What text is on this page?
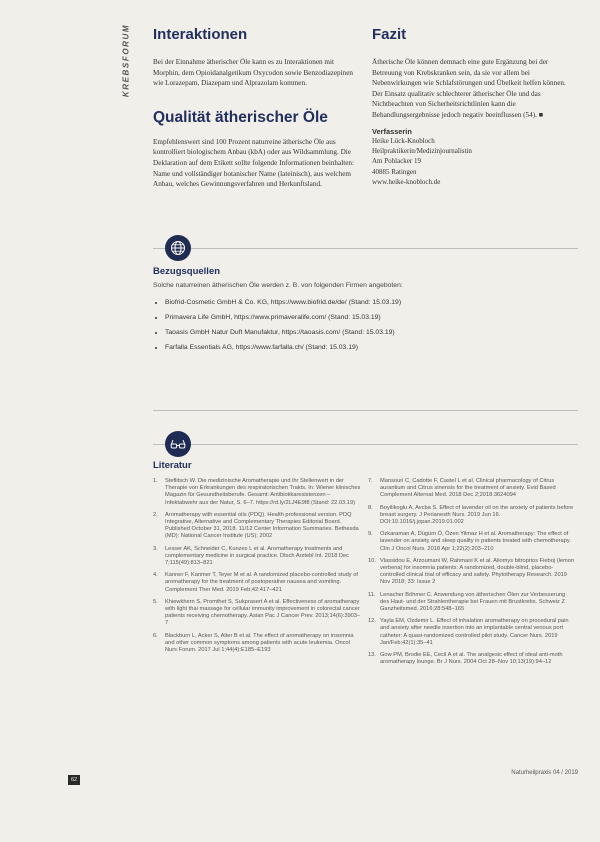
KREBSFORUM Interaktionen

Bei der Einnahme ätherischer Öle kann es zu Interaktionen mit Morphin, dem Opioidanalgetikum Oxycodon sowie Benzodiazepinen wie Lorazepam, Diazepam und Alprazolam kommen.

Qualität ätherischer Öle

Empfehlenswert sind 100 Prozent naturreine ätherische Öle aus kontrolliert biologischem Anbau (kbA) oder aus Wildsammlung. Die Deklaration auf dem Etikett sollte folgende Informationen beinhalten: Name und vollständiger botanischer Name (lateinisch), aus welchem Anbau, welches Gewinnungsverfahren und Herkunftsland.

Fazit

Ätherische Öle können demnach eine gute Ergänzung bei der Betreuung von Krebskranken sein, da sie vor allem bei Nebenwirkungen wie Schlafstörungen und Übelkeit helfen können. Der Einsatz qualitativ schlechterer ätherischer Öle und das Nichtbeachten von Sicherheitsrichtlinien kann die Behandlungsergebnisse jedoch negativ beeinflussen (54). ■

Verfasserin
Heike Lück-Knobloch
Heilpraktikerin/Medizinjournalistin
Am Pohlacker 19
40885 Ratingen
www.heike-knobloch.de
Bezugsquellen

Solche naturreinen ätherischen Öle werden z. B. von folgenden Firmen angeboten:

• Biofrid-Cosmetic GmbH & Co. KG, https://www.biofrid.de/de/ (Stand: 15.03.19)
• Primavera Life GmbH, https://www.primaveralife.com/ (Stand: 15.03.19)
• Taoasis GmbH Natur Duft Manufaktur, https://taoasis.com/ (Stand: 15.03.19)
• Farfalla Essentials AG, https://www.farfalla.ch/ (Stand: 15.03.19)
Literatur
1.	Steflitsch W. Die medizinische Aromatherapie und ihr Stellenwert in der Therapie von Erkrankungen des respiratorischen Trakts. In: Wiener klinisches Magazin für Gesundheitsberufe. Gesamt: Antibiotikaresistenzen – Infektabwehr aus der Natur, S. 6–7. https://rd.ly/2LJ4E9f8 (Stand: 22.03.19)
2.	Aromatherapy with essential oils (PDQ). Health professional version. PDQ Integrative, Alternative and Complementary Therapies Editorial Board. Published October 31, 2018. 11/12 Center Information Summaries. Bethesda (MD): National Cancer Institute (US); 2002
3.	Lesser AK, Schneider C, Kunzes L et al. Aromatherapy treatments and complementary medicine in surgical practice. Dtsch Arztebl Int. 2018 Dec 7;115(49):813–821
4.	Kanner F, Kanmer T, Teyer M et al. A randomized placebo-controlled study of aromatherapy for the treatment of postoperative nausea and vomiting. Complement Ther Med. 2019 Feb;42:417–421
5.	Khiewkhern S, Promthet S, Sukprasert A et al. Effectiveness of aromatherapy with light thai massage for cellular immunity improvement in colorectal cancer patients receiving chemotherapy. Asian Pac J Cancer Prev. 2013;14(6):3903–7
6.	Blackburn L, Acker S, Alter B et al. The effect of aromatherapy on insomnia and other common symptoms among patients with acute leukemia. Oncol Nurs Forum. 2017 Jul 1;44(4):E185–E193
7.	Mansouri C, Cadotte F, Castel L et al. Clinical pharmacology of Citrus aurantium and Citrus sinensis for the treatment of anxiety. Evid Based Complement Alternat Med. 2018 Dec 2;2018:3624094
8.	Boyilikoglu A, Avcba S. Effect of lavender oil on the anxiety of patients before breast surgery. J Perianesth Nurs. 2019 Jun 16. DOI:10.1016/j.jopan.2019.01.002
9.	Ozkaraman A, Dügüm Ö, Özen Yilmaz H et al. Aromatherapy: The effect of lavender on anxiety and sleep quality in patients treated with chemotherapy. Clin J Oncol Nurs. 2018 Apr 1;22(2):203–210
10. Vlassidou E, Arzoumani W, Rahmani K et al. Aliomys bitroprios Fieboj (lemon verbena) for insomnia patients: A randomized, double-blind, placebo-controlled clinical trial of efficacy and safety. Phytotherapy Research. 2019 Nov 2018; 33: Issue 2
11. Lenacher Böhmer C. Anwendung von ätherischen Ölen zur Verbesserung des Haut- und der Strahlentherapie bei Frauen mit Brustkrebs. Schweiz Z Ganzheitsmed. 2016;28:548–165
12. Yayla EM, Ozdemir L. Effect of inhalation aromatherapy on procedural pain and anxiety after needle insertion into an implantable central venous port catheter: A quasi-randomized controlled pilot study. Cancer Nurs. 2019 Jan/Feb;42(1):35–41
13. Gow PM, Brodie EE, Cecil A et al. The analgesic effect of ideal anti-moth aromatherapy lounge. Br J Nurs. 2004 Oct 28–Nov 10;13(19):94–12
Naturheilpraxis 04 / 2019
62
